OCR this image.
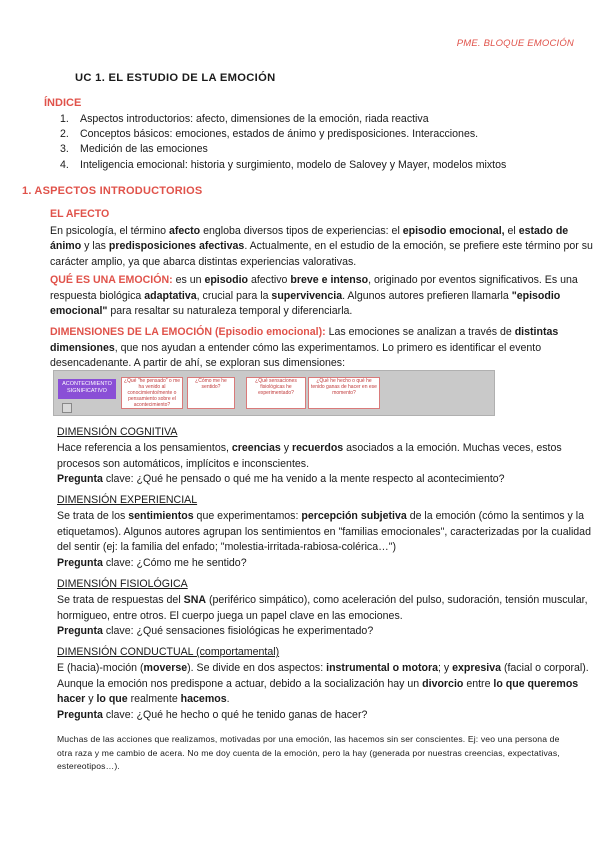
PME. BLOQUE EMOCIÓN
UC 1. EL ESTUDIO DE LA EMOCIÓN
ÍNDICE
1. Aspectos introductorios: afecto, dimensiones de la emoción, riada reactiva
2. Conceptos básicos: emociones, estados de ánimo y predisposiciones. Interacciones.
3. Medición de las emociones
4. Inteligencia emocional: historia y surgimiento, modelo de Salovey y Mayer, modelos mixtos
1. ASPECTOS INTRODUCTORIOS

EL AFECTO

En psicología, el término afecto engloba diversos tipos de experiencias: el episodio emocional, el estado de ánimo y las predisposiciones afectivas. Actualmente, en el estudio de la emoción, se prefiere este término por su carácter amplio, ya que abarca distintas experiencias valorativas.

QUÉ ES UNA EMOCIÓN: es un episodio afectivo breve e intenso, originado por eventos significativos. Es una respuesta biológica adaptativa, crucial para la supervivencia. Algunos autores prefieren llamarla "episodio emocional" para resaltar su naturaleza temporal y diferenciarla.

DIMENSIONES DE LA EMOCIÓN (Episodio emocional): Las emociones se analizan a través de distintas dimensiones, que nos ayudan a entender cómo las experimentamos. Lo primero es identificar el evento desencadenante. A partir de ahí, se exploran sus dimensiones:

ACONTECIMIENTO SIGNIFICATIVO
¿Qué "he pensado" o me ha venido al conocimiento/mente o pensamiento sobre el acontecimiento?
¿Cómo me he sentido?
¿Qué sensaciones fisiológicas he experimentado?
¿Qué he hecho o qué he tenido ganas de hacer en ese momento?
DIMENSIÓN COGNITIVA

Hace referencia a los pensamientos, creencias y recuerdos asociados a la emoción. Muchas veces, estos procesos son automáticos, implícitos e inconscientes.

Pregunta clave: ¿Qué he pensado o qué me ha venido a la mente respecto al acontecimiento?

DIMENSIÓN EXPERIENCIAL

Se trata de los sentimientos que experimentamos: percepción subjetiva de la emoción (cómo la sentimos y la etiquetamos). Algunos autores agrupan los sentimientos en "familias emocionales", caracterizadas por la cualidad del sentir (ej: la familia del enfado; "molestia-irritada-rabiosa-colérica…")

Pregunta clave: ¿Cómo me he sentido?

DIMENSIÓN FISIOLÓGICA

Se trata de respuestas del SNA (periférico simpático), como aceleración del pulso, sudoración, tensión muscular, hormigueo, entre otros. El cuerpo juega un papel clave en las emociones.

Pregunta clave: ¿Qué sensaciones fisiológicas he experimentado?

DIMENSIÓN CONDUCTUAL (comportamental)

E (hacia)-moción (moverse). Se divide en dos aspectos: instrumental o motora; y expresiva (facial o corporal). Aunque la emoción nos predispone a actuar, debido a la socialización hay un divorcio entre lo que queremos hacer y lo que realmente hacemos.

Pregunta clave: ¿Qué he hecho o qué he tenido ganas de hacer?

Muchas de las acciones que realizamos, motivadas por una emoción, las hacemos sin ser conscientes. Ej: veo una persona de otra raza y me cambio de acera. No me doy cuenta de la emoción, pero la hay (generada por nuestras creencias, expectativas, estereotipos…).
